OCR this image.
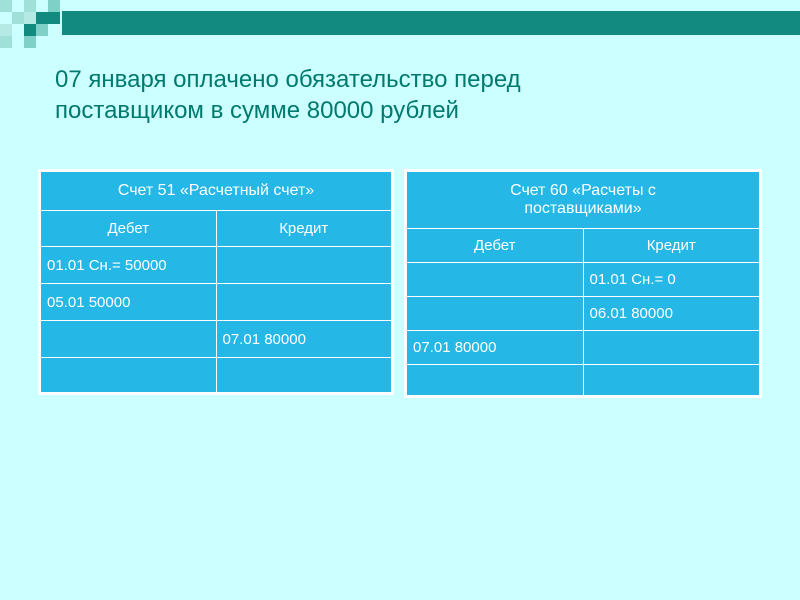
07 января оплачено обязательство перед
поставщиком в сумме 80000 рублей
Счет 51 «Расчетный счет»	
Дебет	Кредит
01.01 Сн.= 50000	
05.01 50000	
	07.01 80000

Счет 60 «Расчеты с
поставщиками»	
Дебет	Кредит
	01.01 Сн.= 0
	06.01 80000
07.01 80000	
